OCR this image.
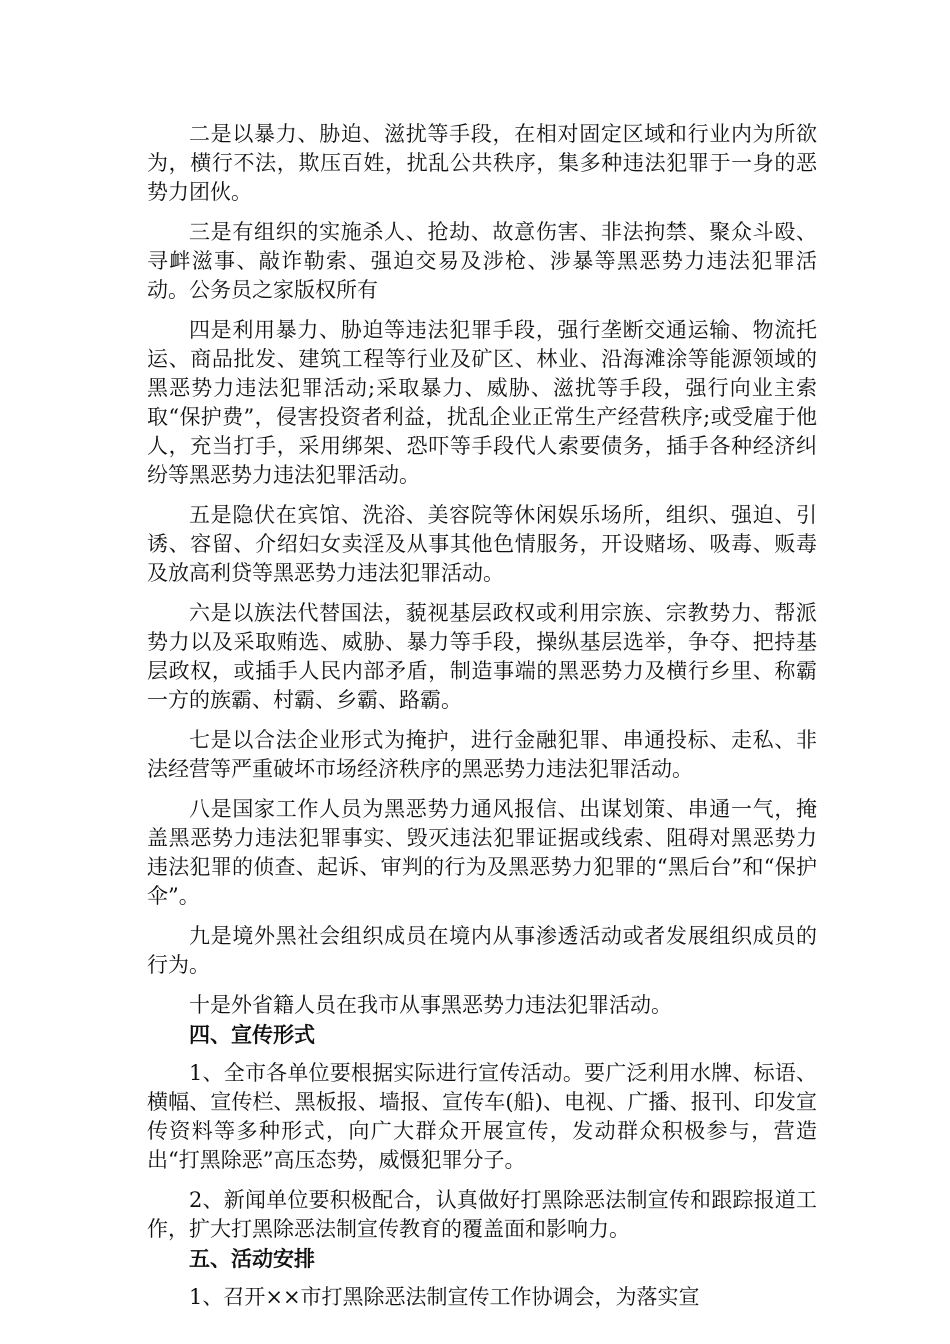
二是以暴力、胁迫、滋扰等手段，在相对固定区域和行业内为所欲为，横行不法，欺压百姓，扰乱公共秩序，集多种违法犯罪于一身的恶势力团伙。

三是有组织的实施杀人、抢劫、故意伤害、非法拘禁、聚众斗殴、寻衅滋事、敲诈勒索、强迫交易及涉枪、涉暴等黑恶势力违法犯罪活动。公务员之家版权所有

四是利用暴力、胁迫等违法犯罪手段，强行垄断交通运输、物流托运、商品批发、建筑工程等行业及矿区、林业、沿海滩涂等能源领域的黑恶势力违法犯罪活动;采取暴力、威胁、滋扰等手段，强行向业主索取“保护费”，侵害投资者利益，扰乱企业正常生产经营秩序;或受雇于他人，充当打手，采用绑架、恐吓等手段代人索要债务，插手各种经济纠纷等黑恶势力违法犯罪活动。

五是隐伏在宾馆、洗浴、美容院等休闲娱乐场所，组织、强迫、引诱、容留、介绍妇女卖淫及从事其他色情服务，开设赌场、吸毒、贩毒及放高利贷等黑恶势力违法犯罪活动。

六是以族法代替国法，藐视基层政权或利用宗族、宗教势力、帮派势力以及采取贿选、威胁、暴力等手段，操纵基层选举，争夺、把持基层政权，或插手人民内部矛盾，制造事端的黑恶势力及横行乡里、称霸一方的族霸、村霸、乡霸、路霸。

七是以合法企业形式为掩护，进行金融犯罪、串通投标、走私、非法经营等严重破坏市场经济秩序的黑恶势力违法犯罪活动。

八是国家工作人员为黑恶势力通风报信、出谋划策、串通一气，掩盖黑恶势力违法犯罪事实、毁灭违法犯罪证据或线索、阻碍对黑恶势力违法犯罪的侦查、起诉、审判的行为及黑恶势力犯罪的“黑后台”和“保护伞”。

九是境外黑社会组织成员在境内从事渗透活动或者发展组织成员的行为。

十是外省籍人员在我市从事黑恶势力违法犯罪活动。

四、宣传形式

1、全市各单位要根据实际进行宣传活动。要广泛利用水牌、标语、横幅、宣传栏、黑板报、墙报、宣传车(船)、电视、广播、报刊、印发宣传资料等多种形式，向广大群众开展宣传，发动群众积极参与，营造出“打黑除恶”高压态势，威慑犯罪分子。

2、新闻单位要积极配合，认真做好打黑除恶法制宣传和跟踪报道工作，扩大打黑除恶法制宣传教育的覆盖面和影响力。

五、活动安排

1、召开××市打黑除恶法制宣传工作协调会，为落实宣
